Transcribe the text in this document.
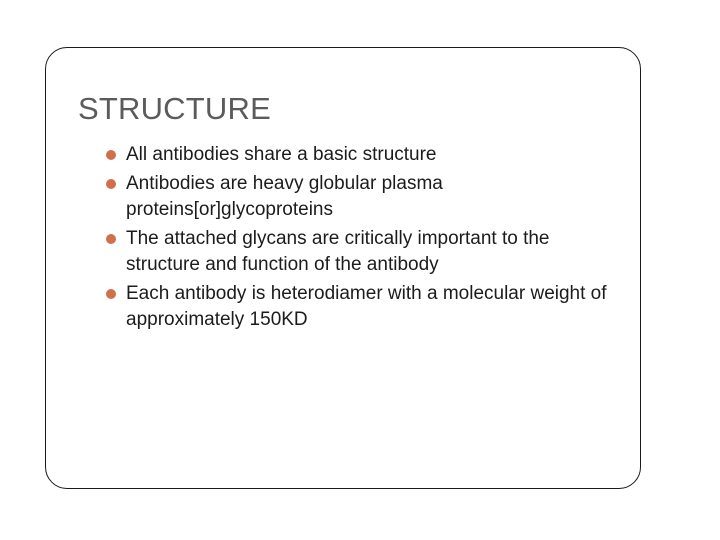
STRUCTURE
All antibodies share a basic structure
Antibodies are heavy globular plasma proteins[or]glycoproteins
The attached glycans are critically important to the structure and function of the antibody
Each antibody is heterodiamer with a molecular weight of approximately 150KD
